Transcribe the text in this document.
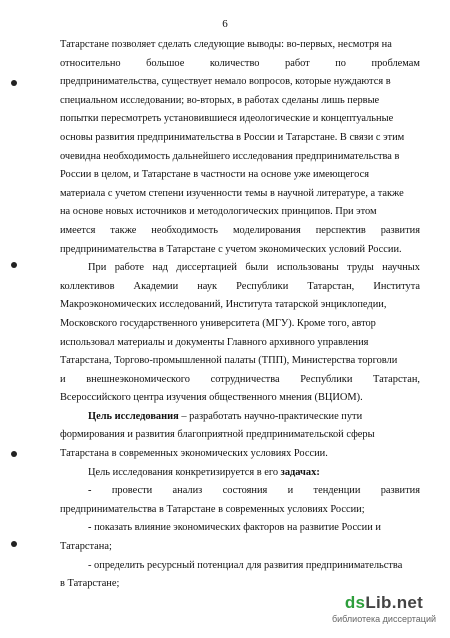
6
Татарстане позволяет сделать следующие выводы: во-первых, несмотря на
относительно большое количество работ по проблемам
предпринимательства, существует немало вопросов, которые нуждаются в
специальном исследовании; во-вторых, в работах сделаны лишь первые
попытки пересмотреть установившиеся идеологические и концептуальные
основы развития предпринимательства в России и Татарстане. В связи с этим
очевидна необходимость дальнейшего исследования предпринимательства в
России в целом, и Татарстане в частности на основе уже имеющегося
материала с учетом степени изученности темы в научной литературе, а также
на основе новых источников и методологических принципов. При этом
имеется также необходимость моделирования перспектив развития
предпринимательства в Татарстане с учетом экономических условий России.
При работе над диссертацией были использованы труды научных
коллективов Академии наук Республики Татарстан, Института
Макроэкономических исследований, Института татарской энциклопедии,
Московского государственного университета (МГУ). Кроме того, автор
использовал материалы и документы Главного архивного управления
Татарстана, Торгово-промышленной палаты (ТПП), Министерства торговли
и внешнеэкономического сотрудничества Республики Татарстан,
Всероссийского центра изучения общественного мнения (ВЦИОМ).
Цель исследования – разработать научно-практические пути
формирования и развития благоприятной предпринимательской сферы
Татарстана в современных экономических условиях России.
Цель исследования конкретизируется в его задачах:
- провести анализ состояния и тенденции развития
предпринимательства в Татарстане в современных условиях России;
- показать влияние экономических факторов на развитие России и
Татарстана;
- определить ресурсный потенциал для развития предпринимательства
в Татарстане;
dsLib.net
библиотека диссертаций
